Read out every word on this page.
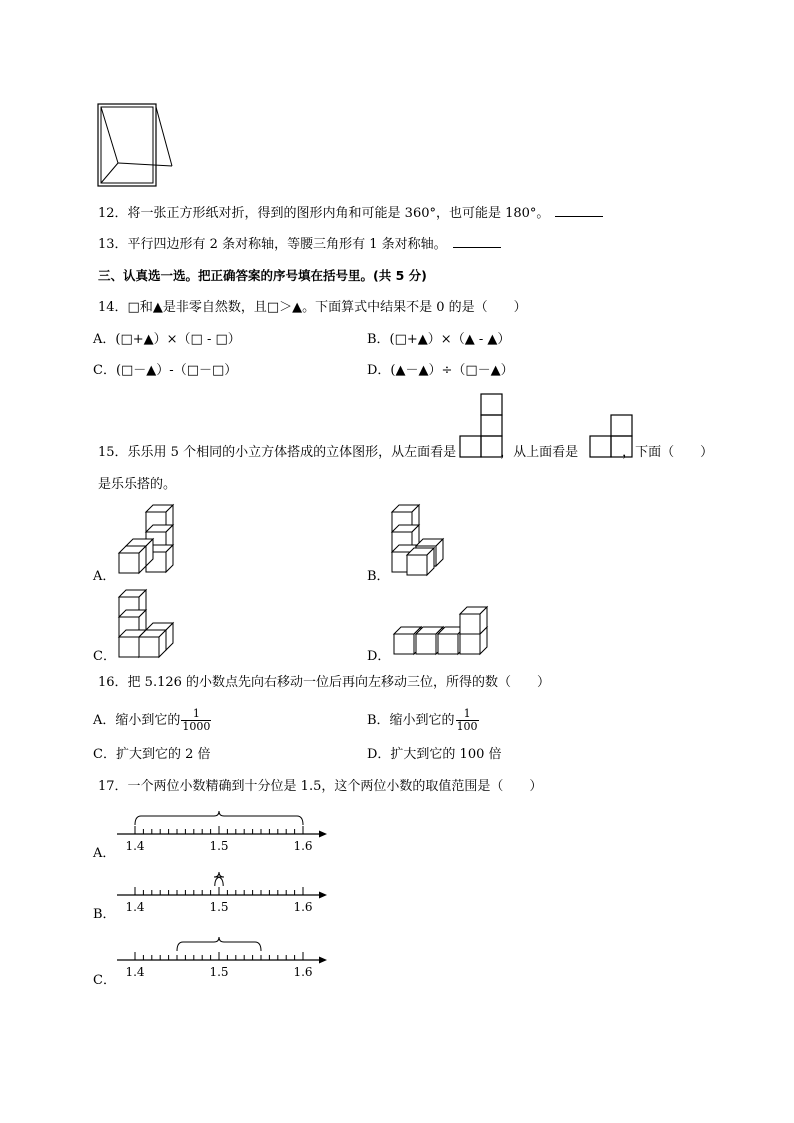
12．将一张正方形纸对折，得到的图形内角和可能是 360°，也可能是 180°。
13．平行四边形有 2 条对称轴，等腰三角形有 1 条对称轴。
三、认真选一选。把正确答案的序号填在括号里。(共 5 分)
14．□和▲是非零自然数，且□＞▲。下面算式中结果不是 0 的是（　　）
A．(□+▲）×（□ - □）	B．(□+▲）×（▲ - ▲）
C．(□－▲）-（□－□）	D．(▲－▲）÷（□－▲）
15．乐乐用 5 个相同的小立方体搭成的立体图形，从左面看是	，从上面看是	，下面（　　）
是乐乐搭的。
A．	B．
C．	D．
16．把 5.126 的小数点先向右移动一位后再向左移动三位，所得的数（　　）
A．缩小到它的 $\frac{1}{1000}$	B．缩小到它的 $\frac{1}{100}$
C．扩大到它的 2 倍	D．扩大到它的 100 倍
17．一个两位小数精确到十分位是 1.5，这个两位小数的取值范围是（　　）
A．
B．
C．
1.4	1.5	1.6
1.4	1.5	1.6
1.4	1.5	1.6
